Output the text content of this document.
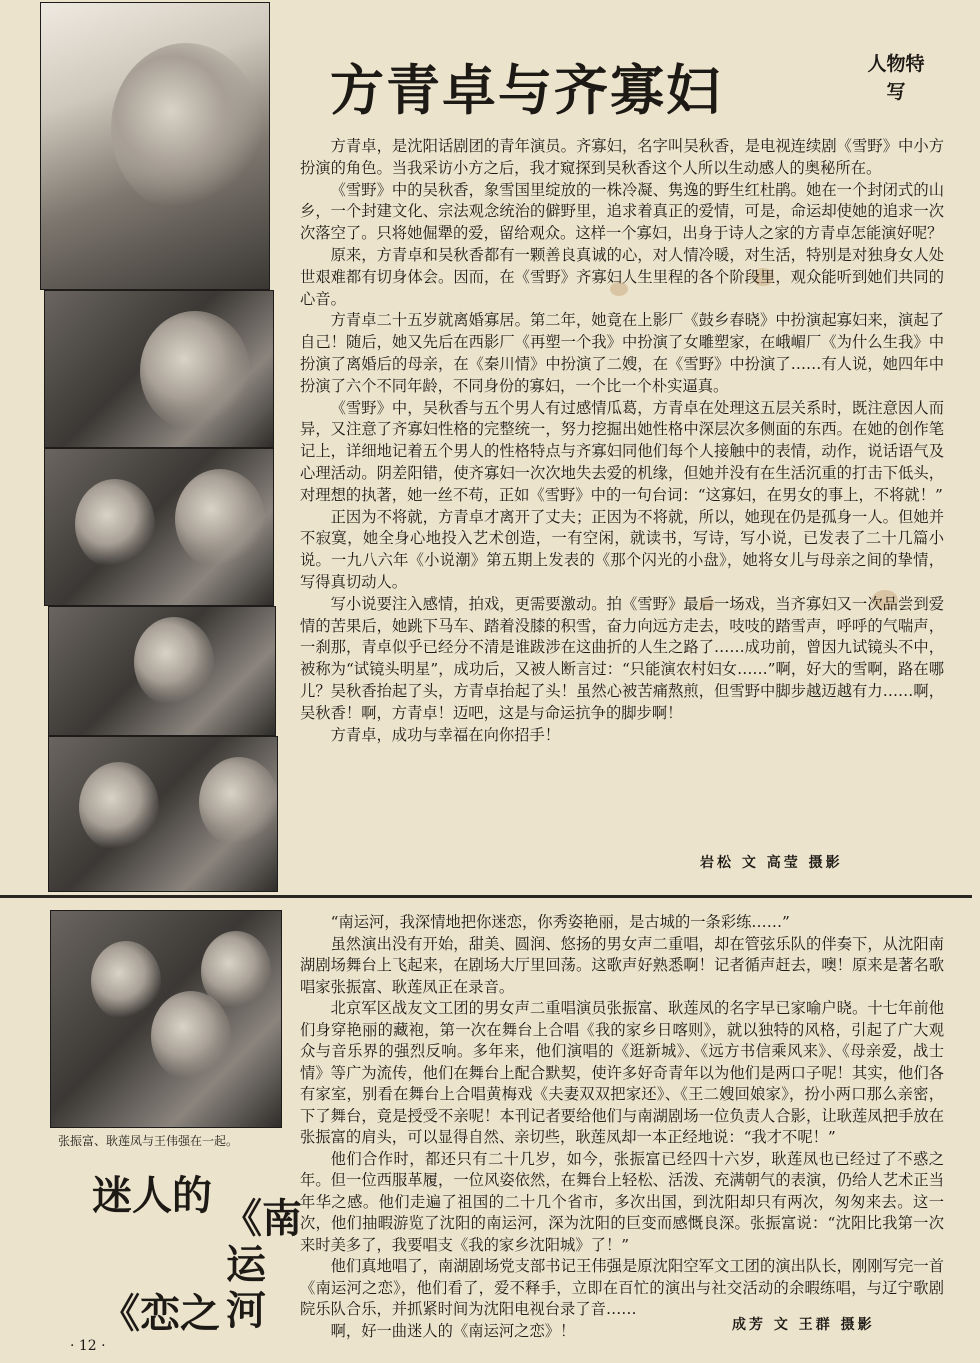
方青卓与齐寡妇	人物特写

方青卓，是沈阳话剧团的青年演员。齐寡妇，名字叫吴秋香，是电视连续剧《雪野》中小方扮演的角色。当我采访小方之后，我才窥探到吴秋香这个人所以生动感人的奥秘所在。

《雪野》中的吴秋香，象雪国里绽放的一株冷凝、隽逸的野生红杜鹃。她在一个封闭式的山乡，一个封建文化、宗法观念统治的僻野里，追求着真正的爱情，可是，命运却使她的追求一次次落空了。只将她倔犟的爱，留给观众。这样一个寡妇，出身于诗人之家的方青卓怎能演好呢？

原来，方青卓和吴秋香都有一颗善良真诚的心，对人情冷暖，对生活，特别是对独身女人处世艰难都有切身体会。因而，在《雪野》齐寡妇人生里程的各个阶段里，观众能听到她们共同的心音。

方青卓二十五岁就离婚寡居。第二年，她竟在上影厂《鼓乡春晓》中扮演起寡妇来，演起了自己！随后，她又先后在西影厂《再塑一个我》中扮演了女雕塑家，在峨嵋厂《为什么生我》中扮演了离婚后的母亲，在《秦川情》中扮演了二嫂，在《雪野》中扮演了……有人说，她四年中扮演了六个不同年龄，不同身份的寡妇，一个比一个朴实逼真。

《雪野》中，吴秋香与五个男人有过感情瓜葛，方青卓在处理这五层关系时，既注意因人而异，又注意了齐寡妇性格的完整统一，努力挖掘出她性格中深层次多侧面的东西。在她的创作笔记上，详细地记着五个男人的性格特点与齐寡妇同他们每个人接触中的表情，动作，说话语气及心理活动。阴差阳错，使齐寡妇一次次地失去爱的机缘，但她并没有在生活沉重的打击下低头，对理想的执著，她一丝不苟，正如《雪野》中的一句台词：“这寡妇，在男女的事上，不将就！”

正因为不将就，方青卓才离开了丈夫；正因为不将就，所以，她现在仍是孤身一人。但她并不寂寞，她全身心地投入艺术创造，一有空闲，就读书，写诗，写小说，已发表了二十几篇小说。一九八六年《小说潮》第五期上发表的《那个闪光的小盘》，她将女儿与母亲之间的挚情，写得真切动人。

写小说要注入感情，拍戏，更需要激动。拍《雪野》最后一场戏，当齐寡妇又一次品尝到爱情的苦果后，她跳下马车、踏着没膝的积雪，奋力向远方走去，吱吱的踏雪声，呼呼的气喘声，一刹那，青卓似乎已经分不清是谁跋涉在这曲折的人生之路了……成功前，曾因九试镜头不中，被称为“试镜头明星”，成功后，又被人断言过：“只能演农村妇女……”啊，好大的雪啊，路在哪儿？吴秋香抬起了头，方青卓抬起了头！虽然心被苦痛熬煎，但雪野中脚步越迈越有力……啊，吴秋香！啊，方青卓！迈吧，这是与命运抗争的脚步啊！

方青卓，成功与幸福在向你招手！

岩松 文 高莹 摄影
张振富、耿莲凤与王伟强在一起。
迷人的 《南运河
《恋之

“南运河，我深情地把你迷恋，你秀姿艳丽，是古城的一条彩练……”

虽然演出没有开始，甜美、圆润、悠扬的男女声二重唱，却在管弦乐队的伴奏下，从沈阳南湖剧场舞台上飞起来，在剧场大厅里回荡。这歌声好熟悉啊！记者循声赶去，噢！原来是著名歌唱家张振富、耿莲凤正在录音。

北京军区战友文工团的男女声二重唱演员张振富、耿莲凤的名字早已家喻户晓。十七年前他们身穿艳丽的藏袍，第一次在舞台上合唱《我的家乡日喀则》，就以独特的风格，引起了广大观众与音乐界的强烈反响。多年来，他们演唱的《逛新城》、《远方书信乘风来》、《母亲爱，战士情》等广为流传，他们在舞台上配合默契，使许多好奇青年以为他们是两口子呢！其实，他们各有家室，别看在舞台上合唱黄梅戏《夫妻双双把家还》、《王二嫂回娘家》，扮小两口那么亲密，下了舞台，竟是授受不亲呢！本刊记者要给他们与南湖剧场一位负责人合影，让耿莲凤把手放在张振富的肩头，可以显得自然、亲切些，耿莲凤却一本正经地说：“我才不呢！”

他们合作时，都还只有二十几岁，如今，张振富已经四十六岁，耿莲凤也已经过了不惑之年。但一位西服革履，一位风姿依然，在舞台上轻松、活泼、充满朝气的表演，仍给人艺术正当年华之感。他们走遍了祖国的二十几个省市，多次出国，到沈阳却只有两次，匆匆来去。这一次，他们抽暇游览了沈阳的南运河，深为沈阳的巨变而感慨良深。张振富说：“沈阳比我第一次来时美多了，我要唱支《我的家乡沈阳城》了！”

他们真地唱了，南湖剧场党支部书记王伟强是原沈阳空军文工团的演出队长，刚刚写完一首《南运河之恋》，他们看了，爱不释手，立即在百忙的演出与社交活动的余暇练唱，与辽宁歌剧院乐队合乐，并抓紧时间为沈阳电视台录了音……

啊，好一曲迷人的《南运河之恋》！	成芳 文 王群 摄影
· 12 ·
